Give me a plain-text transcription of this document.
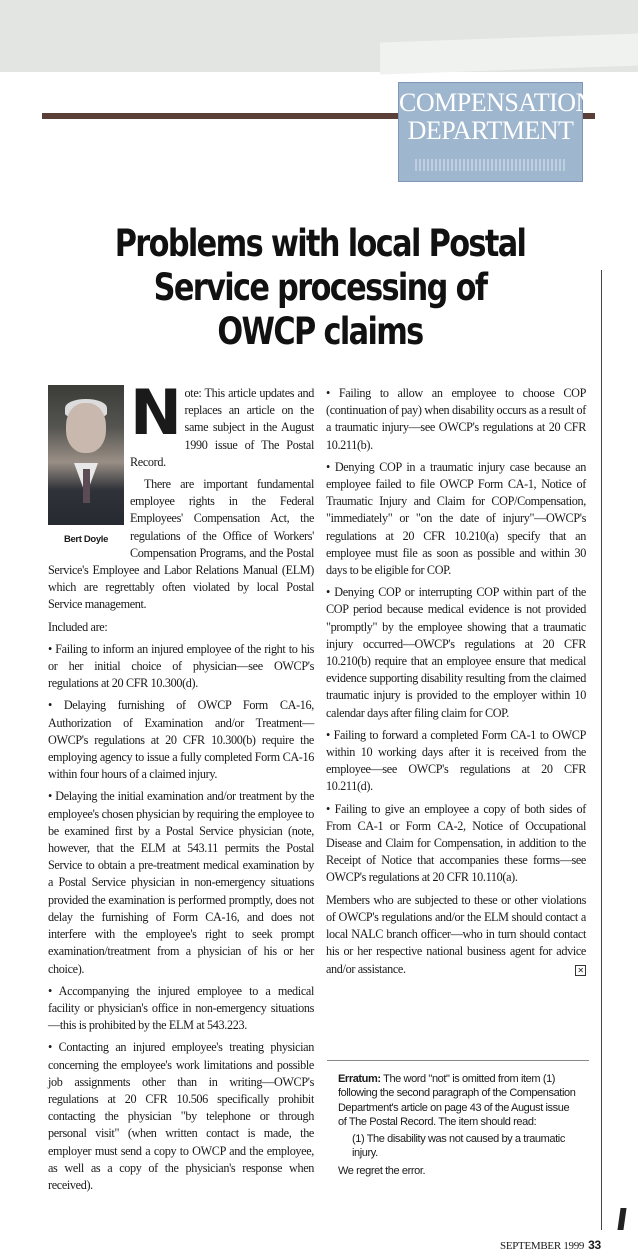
COMPENSATION
DEPARTMENT
Problems with local Postal Service processing of OWCP claims
Bert Doyle

Note: This article updates and replaces an article on the same subject in the August 1990 issue of The Postal Record.

There are important fundamental employee rights in the Federal Employees' Compensation Act, the regulations of the Office of Workers' Compensation Programs, and the Postal Service's Employee and Labor Relations Manual (ELM) which are regrettably often violated by local Postal Service management.

Included are:

• Failing to inform an injured employee of the right to his or her initial choice of physician—see OWCP's regulations at 20 CFR 10.300(d).

• Delaying furnishing of OWCP Form CA-16, Authorization of Examination and/or Treatment—OWCP's regulations at 20 CFR 10.300(b) require the employing agency to issue a fully completed Form CA-16 within four hours of a claimed injury.

• Delaying the initial examination and/or treatment by the employee's chosen physician by requiring the employee to be examined first by a Postal Service physician (note, however, that the ELM at 543.11 permits the Postal Service to obtain a pre-treatment medical examination by a Postal Service physician in non-emergency situations provided the examination is performed promptly, does not delay the furnishing of Form CA-16, and does not interfere with the employee's right to seek prompt examination/treatment from a physician of his or her choice).

• Accompanying the injured employee to a medical facility or physician's office in non-emergency situations—this is prohibited by the ELM at 543.223.

• Contacting an injured employee's treating physician concerning the employee's work limitations and possible job assignments other than in writing—OWCP's regulations at 20 CFR 10.506 specifically prohibit contacting the physician "by telephone or through personal visit" (when written contact is made, the employer must send a copy to OWCP and the employee, as well as a copy of the physician's response when received).

• Failing to allow an employee to choose COP (continuation of pay) when disability occurs as a result of a traumatic injury—see OWCP's regulations at 20 CFR 10.211(b).

• Denying COP in a traumatic injury case because an employee failed to file OWCP Form CA-1, Notice of Traumatic Injury and Claim for COP/Compensation, "immediately" or "on the date of injury"—OWCP's regulations at 20 CFR 10.210(a) specify that an employee must file as soon as possible and within 30 days to be eligible for COP.

• Denying COP or interrupting COP within part of the COP period because medical evidence is not provided "promptly" by the employee showing that a traumatic injury occurred—OWCP's regulations at 20 CFR 10.210(b) require that an employee ensure that medical evidence supporting disability resulting from the claimed traumatic injury is provided to the employer within 10 calendar days after filing claim for COP.

• Failing to forward a completed Form CA-1 to OWCP within 10 working days after it is received from the employee—see OWCP's regulations at 20 CFR 10.211(d).

• Failing to give an employee a copy of both sides of From CA-1 or Form CA-2, Notice of Occupational Disease and Claim for Compensation, in addition to the Receipt of Notice that accompanies these forms—see OWCP's regulations at 20 CFR 10.110(a).

Members who are subjected to these or other violations of OWCP's regulations and/or the ELM should contact a local NALC branch officer—who in turn should contact his or her respective national business agent for advice and/or assistance.	✕

Erratum: The word "not" is omitted from item (1) following the second paragraph of the Compensation Department's article on page 43 of the August issue of The Postal Record. The item should read:

(1) The disability was not caused by a traumatic injury.

We regret the error.

SEPTEMBER 1999 33
